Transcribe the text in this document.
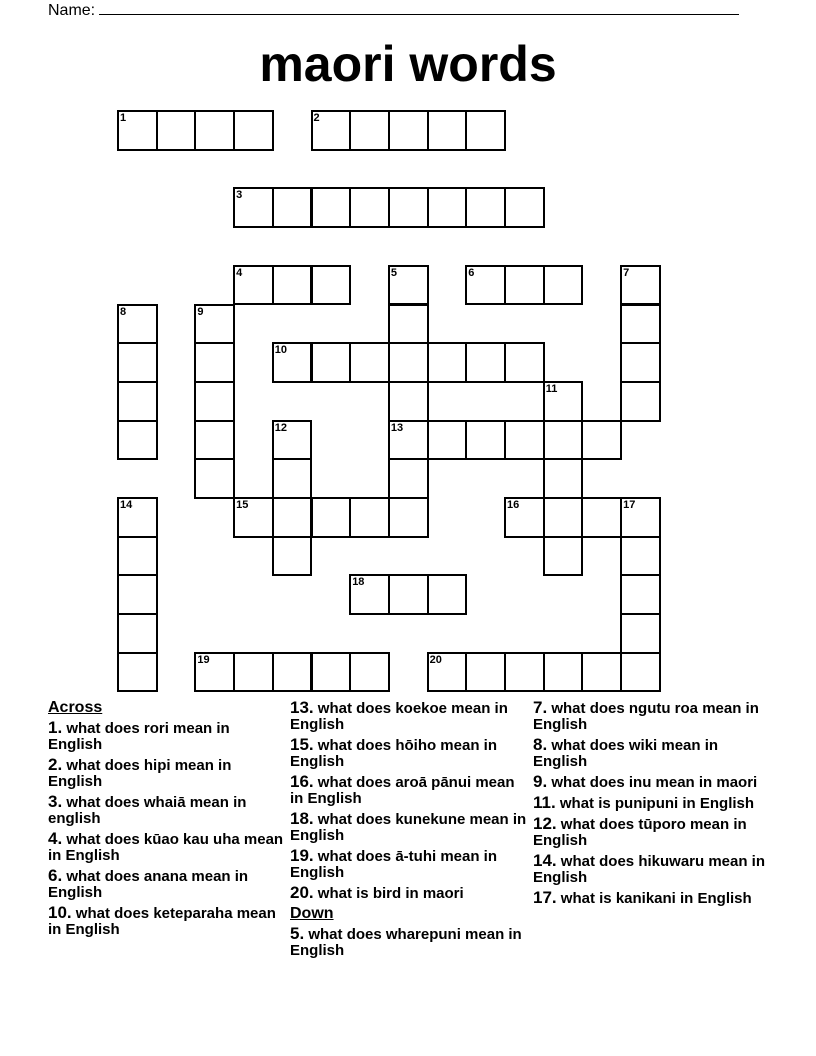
Name:
maori words
1	2
3
4	5	6	7
8	9
10
11
12	13
14	15	16	17
18
19	20
Across
1. what does rori mean in English
2. what does hipi mean in English
3. what does whaiā mean in english
4. what does kūao kau uha mean in English
6. what does anana mean in English
10. what does keteparaha mean in English
13. what does koekoe mean in English
15. what does hōiho mean in English
16. what does aroā pānui mean in English
18. what does kunekune mean in English
19. what does ā-tuhi mean in English
20. what is bird in maori
Down
5. what does wharepuni mean in English
7. what does ngutu roa mean in English
8. what does wiki mean in English
9. what does inu mean in maori
11. what is punipuni in English
12. what does tūporo mean in English
14. what does hikuwaru mean in English
17. what is kanikani in English
